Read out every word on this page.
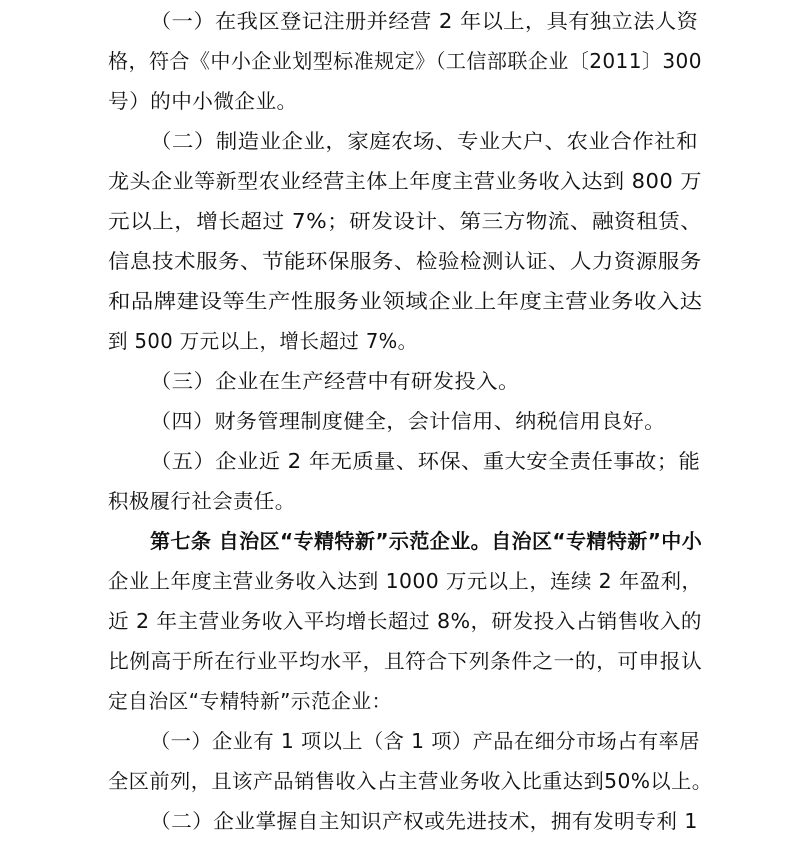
（一）在我区登记注册并经营 2 年以上，具有独立法人资
格，符合《中小企业划型标准规定》（工信部联企业〔2011〕300
号）的中小微企业。
（二）制造业企业，家庭农场、专业大户、农业合作社和
龙头企业等新型农业经营主体上年度主营业务收入达到 800 万
元以上，增长超过 7%；研发设计、第三方物流、融资租赁、
信息技术服务、节能环保服务、检验检测认证、人力资源服务
和品牌建设等生产性服务业领域企业上年度主营业务收入达
到 500 万元以上，增长超过 7%。
（三）企业在生产经营中有研发投入。
（四）财务管理制度健全，会计信用、纳税信用良好。
（五）企业近 2 年无质量、环保、重大安全责任事故；能
积极履行社会责任。
第七条 自治区“专精特新”示范企业。自治区“专精特新”中小
企业上年度主营业务收入达到 1000 万元以上，连续 2 年盈利，
近 2 年主营业务收入平均增长超过 8%，研发投入占销售收入的
比例高于所在行业平均水平，且符合下列条件之一的，可申报认
定自治区“专精特新”示范企业：
（一）企业有 1 项以上（含 1 项）产品在细分市场占有率居
全区前列，且该产品销售收入占主营业务收入比重达到50%以上。
（二）企业掌握自主知识产权或先进技术，拥有发明专利 1
